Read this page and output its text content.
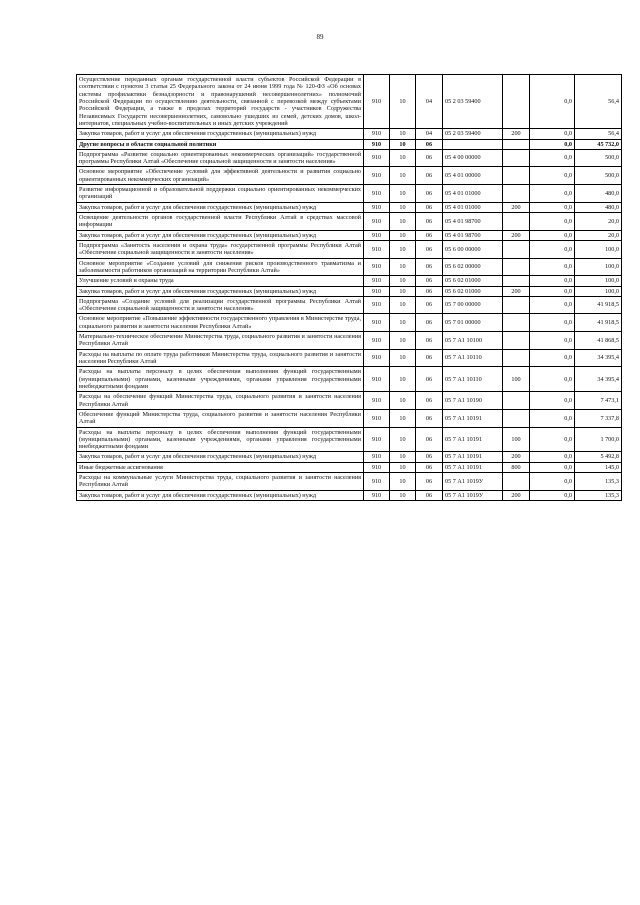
89
Осуществление переданных органам государственной власти субъектов Российской Федерации в соответствии с пунктом 3 статьи 25 Федерального закона от 24 июня 1999 года № 120-ФЗ «Об основах системы профилактики безнадзорности и правонарушений несовершеннолетних» полномочий Российской Федерации по осуществлению деятельности, связанной с перевозкой между субъектами Российской Федерации, а также в пределах территорий государств - участников Содружества Независимых Государств несовершеннолетних, самовольно ушедших из семей, детских домов, школ-интернатов, специальных учебно-воспитательных и иных детских учреждений	910	10	04	05 2 03 59400		0,0	56,4
Закупка товаров, работ и услуг для обеспечения государственных (муниципальных) нужд	910	10	04	05 2 03 59400	200	0,0	56,4
Другие вопросы в области социальной политики	910	10	06			0,0	45 732,0
Подпрограмма «Развитие социально ориентированных некоммерческих организаций» государственной программы Республики Алтай «Обеспечение социальной защищенности и занятости населения»	910	10	06	05 4 00 00000		0,0	500,0
Основное мероприятие «Обеспечение условий для эффективной деятельности и развития социально ориентированных некоммерческих организаций»	910	10	06	05 4 01 00000		0,0	500,0
Развитие информационной и образовательной поддержки социально ориентированных некоммерческих организаций	910	10	06	05 4 01 01000		0,0	480,0
Закупка товаров, работ и услуг для обеспечения государственных (муниципальных) нужд	910	10	06	05 4 01 01000	200	0,0	480,0
Освещение деятельности органов государственной власти Республики Алтай в средствах массовой информации	910	10	06	05 4 01 98700		0,0	20,0
Закупка товаров, работ и услуг для обеспечения государственных (муниципальных) нужд	910	10	06	05 4 01 98700	200	0,0	20,0
Подпрограмма «Занятость населения и охрана труда» государственной программы Республики Алтай «Обеспечение социальной защищенности и занятости населения»	910	10	06	05 6 00 00000		0,0	100,0
Основное мероприятие «Создание условий для снижения рисков производственного травматизма и заболеваемости работников организаций на территории Республики Алтай»	910	10	06	05 6 02 00000		0,0	100,0
Улучшение условий и охраны труда	910	10	06	05 6 02 01000		0,0	100,0
Закупка товаров, работ и услуг для обеспечения государственных (муниципальных) нужд	910	10	06	05 6 02 01000	200	0,0	100,0
Подпрограмма «Создание условий для реализации государственной программы Республики Алтай «Обеспечение социальной защищенности и занятости населения»	910	10	06	05 7 00 00000		0,0	41 918,5
Основное мероприятие «Повышение эффективности государственного управления в Министерстве труда, социального развития и занятости населения Республики Алтай»	910	10	06	05 7 01 00000		0,0	41 918,5
Материально-техническое обеспечение Министерства труда, социального развития и занятости населения Республики Алтай	910	10	06	05 7 А1 10100		0,0	41 868,5
Расходы на выплаты по оплате труда работников Министерства труда, социального развития и занятости населения Республики Алтай	910	10	06	05 7 А1 10110		0,0	34 395,4
Расходы на выплаты персоналу в целях обеспечения выполнения функций государственными (муниципальными) органами, казенными учреждениями, органами управления государственными внебюджетными фондами	910	10	06	05 7 А1 10110	100	0,0	34 395,4
Расходы на обеспечение функций Министерства труда, социального развития и занятости населения Республики Алтай	910	10	06	05 7 А1 10190		0,0	7 473,1
Обеспечение функций Министерства труда, социального развития и занятости населения Республики Алтай	910	10	06	05 7 А1 10191		0,0	7 337,8
Расходы на выплаты персоналу в целях обеспечения выполнения функций государственными (муниципальными) органами, казенными учреждениями, органами управления государственными внебюджетными фондами	910	10	06	05 7 А1 10191	100	0,0	1 700,0
Закупка товаров, работ и услуг для обеспечения государственных (муниципальных) нужд	910	10	06	05 7 А1 10191	200	0,0	5 492,8
Иные бюджетные ассигнования	910	10	06	05 7 А1 10191	800	0,0	145,0
Расходы на коммунальные услуги Министерства труда, социального развития и занятости населения Республики Алтай	910	10	06	05 7 А1 1019У		0,0	135,3
Закупка товаров, работ и услуг для обеспечения государственных (муниципальных) нужд	910	10	06	05 7 А1 1019У	200	0,0	135,3
